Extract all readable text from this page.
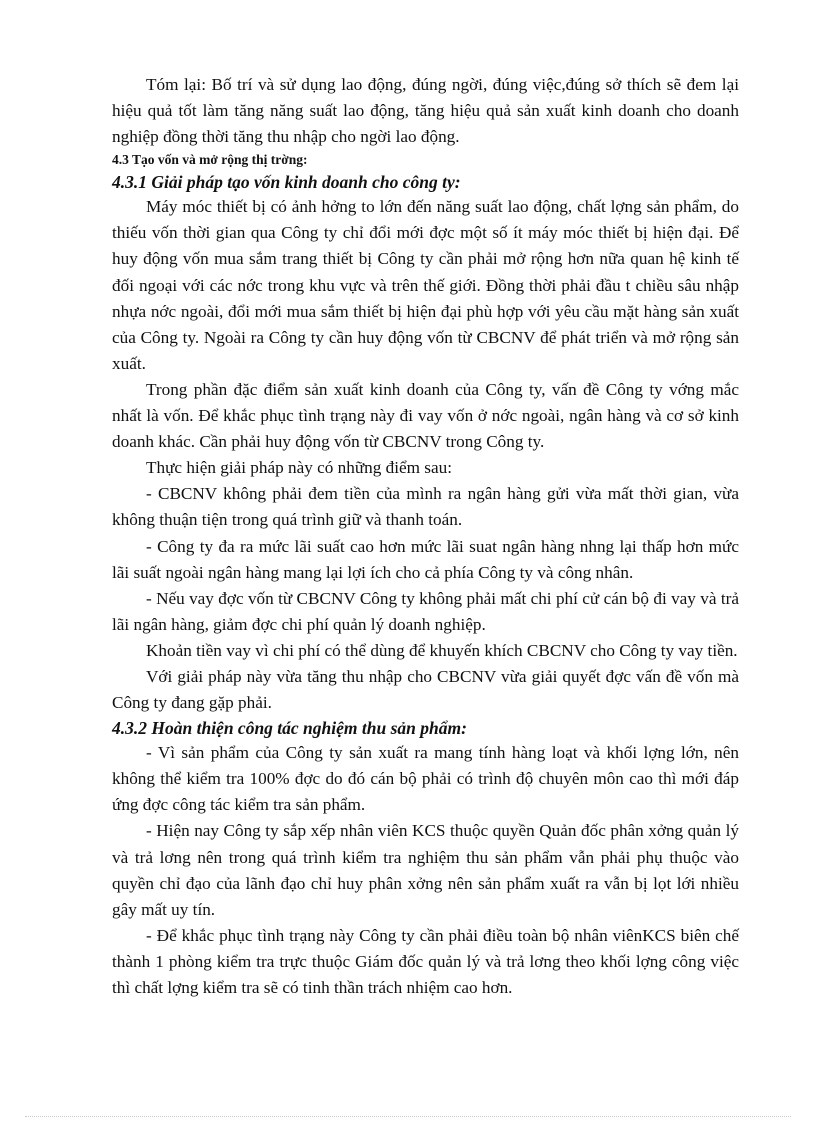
Tóm lại: Bố trí và sử dụng lao động, đúng ngời, đúng việc,đúng sở thích sẽ đem lại hiệu quả tốt làm tăng năng suất lao động, tăng hiệu quả sản xuất kinh doanh cho doanh nghiệp đồng thời tăng thu nhập cho ngời lao động.

4.3 Tạo vốn và mở rộng thị trờng:

4.3.1 Giải pháp tạo vốn kinh doanh cho công ty:

Máy móc thiết bị có ảnh hởng to lớn đến năng suất lao động, chất lợng sản phẩm, do thiếu vốn thời gian qua Công ty chỉ đổi mới đợc một số ít máy móc thiết bị hiện đại. Để huy động vốn mua sắm trang thiết bị Công ty cần phải mở rộng hơn nữa quan hệ kinh tế đối ngoại với các nớc trong khu vực và trên thế giới. Đồng thời phải đầu t chiều sâu nhập nhựa nớc ngoài, đổi mới mua sắm thiết bị hiện đại phù hợp với yêu cầu mặt hàng sản xuất của Công ty. Ngoài ra Công ty cần huy động vốn từ CBCNV để phát triển và mở rộng sản xuất.

Trong phần đặc điểm sản xuất kinh doanh của Công ty, vấn đề Công ty vớng mắc nhất là vốn. Để khắc phục tình trạng này đi vay vốn ở nớc ngoài, ngân hàng và cơ sở kinh doanh khác. Cần phải huy động vốn từ CBCNV trong Công ty.

Thực hiện giải pháp này có những điểm sau:

- CBCNV không phải đem tiền của mình ra ngân hàng gửi vừa mất thời gian, vừa không thuận tiện trong quá trình giữ và thanh toán.

- Công ty đa ra mức lãi suất cao hơn mức lãi suat ngân hàng nhng lại thấp hơn mức lãi suất ngoài ngân hàng mang lại lợi ích cho cả phía Công ty và công nhân.

- Nếu vay đợc vốn từ CBCNV Công ty không phải mất chi phí cử cán bộ đi vay và trả lãi ngân hàng, giảm đợc chi phí quản lý doanh nghiệp.

Khoản tiền vay vì chi phí có thể dùng để khuyến khích CBCNV cho Công ty vay tiền.

Với giải pháp này vừa tăng thu nhập cho CBCNV vừa giải quyết đợc vấn đề vốn mà Công ty đang gặp phải.

4.3.2 Hoàn thiện công tác nghiệm thu sản phẩm:

- Vì sản phẩm của Công ty sản xuất ra mang tính hàng loạt và khối lợng lớn, nên không thể kiểm tra 100% đợc do đó cán bộ phải có trình độ chuyên môn cao thì mới đáp ứng đợc công tác kiểm tra sản phẩm.

- Hiện nay Công ty sắp xếp nhân viên KCS thuộc quyền Quản đốc phân xởng quản lý và trả lơng nên trong quá trình kiểm tra nghiệm thu sản phẩm vẫn phải phụ thuộc vào quyền chỉ đạo của lãnh đạo chỉ huy phân xởng nên sản phẩm xuất ra vẫn bị lọt lới nhiều gây mất uy tín.

- Để khắc phục tình trạng này Công ty cần phải điều toàn bộ nhân viênKCS biên chế thành 1 phòng kiểm tra trực thuộc Giám đốc quản lý và trả lơng theo khối lợng công việc thì chất lợng kiểm tra sẽ có tinh thần trách nhiệm cao hơn.
